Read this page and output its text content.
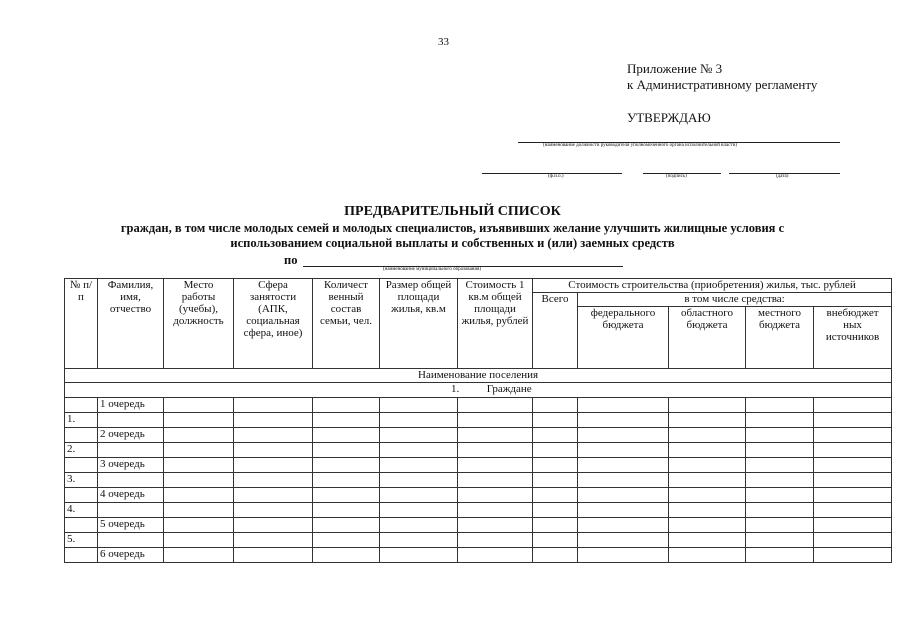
33
Приложение № 3
к Административному регламенту
УТВЕРЖДАЮ
(наименование должности руководителя уполномоченного органа исполнительной власти)
(ф.и.о.)	(подпись)	(дата)
ПРЕДВАРИТЕЛЬНЫЙ СПИСОК
граждан, в том числе молодых семей и молодых специалистов, изъявивших желание улучшить жилищные условия с
использованием социальной выплаты и собственных и (или) заемных средств
по
(наименование муниципального образования)
№ п/п	Фамилия, имя, отчество	Место работы (учебы), должность	Сфера занятости (АПК, социальная сфера, иное)	Количест венный состав семьи, чел.	Размер общей площади жилья, кв.м	Стоимость 1 кв.м общей площади жилья, рублей	Стоимость строительства (приобретения) жилья, тыс. рублей				
							Всего	в том числе средства:			
								федерального бюджета	областного бюджета	местного бюджета	внебюджет ных источников
Наименование поселения											
1. Граждане											
	1 очередь										
1.											
	2 очередь										
2.											
	3 очередь										
3.											
	4 очередь										
4.											
	5 очередь										
5.											
	6 очередь										
